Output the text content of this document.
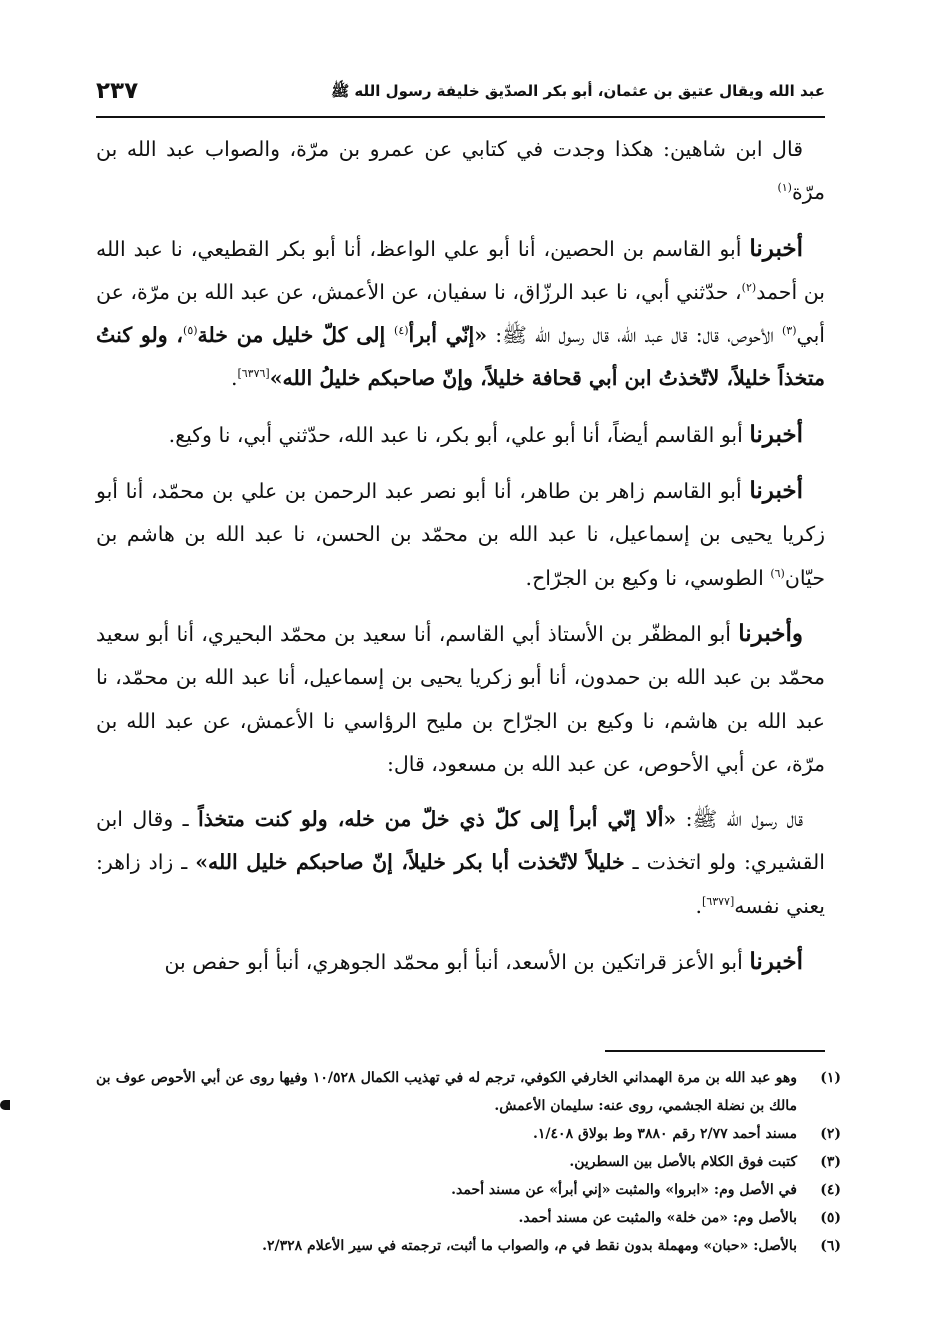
عبد الله ويقال عتيق بن عثمان، أبو بكر الصدّيق خليفة رسول الله ﷺ
٢٣٧

قال ابن شاهين: هكذا وجدت في كتابي عن عمرو بن مرّة، والصواب عبد الله بن مرّة$^{(١)}$

أخبرنا أبو القاسم بن الحصين، أنا أبو علي الواعظ، أنا أبو بكر القطيعي، نا عبد الله بن أحمد$^{(٢)}$، حدّثني أبي، نا عبد الرزّاق، نا سفيان، عن الأعمش، عن عبد الله بن مرّة، عن أبي$^{(٣)}$ الأحوص، قال: قال عبد الله، قال رسول الله ﷺ: «إنّي أبرأ$^{(٤)}$ إلى كلّ خليل من خلة$^{(٥)}$، ولو كنتُ متخذاً خليلاً، لاتّخذتُ ابن أبي قحافة خليلاً، وإنّ صاحبكم خليلُ الله»[٦٣٧٦].

أخبرنا أبو القاسم أيضاً، أنا أبو علي، أبو بكر، نا عبد الله، حدّثني أبي، نا وكيع.

أخبرنا أبو القاسم زاهر بن طاهر، أنا أبو نصر عبد الرحمن بن علي بن محمّد، أنا أبو زكريا يحيى بن إسماعيل، نا عبد الله بن محمّد بن الحسن، نا عبد الله بن هاشم بن حيّان$^{(٦)}$ الطوسي، نا وكيع بن الجرّاح.

وأخبرنا أبو المظفّر بن الأستاذ أبي القاسم، أنا سعيد بن محمّد البحيري، أنا أبو سعيد محمّد بن عبد الله بن حمدون، أنا أبو زكريا يحيى بن إسماعيل، أنا عبد الله بن محمّد، نا عبد الله بن هاشم، نا وكيع بن الجرّاح بن مليح الرؤاسي نا الأعمش، عن عبد الله بن مرّة، عن أبي الأحوص، عن عبد الله بن مسعود، قال:

قال رسول الله ﷺ: «ألا إنّي أبرأ إلى كلّ ذي خلّ من خله، ولو كنت متخذاً ـ وقال ابن القشيري: ولو اتخذت ـ خليلاً لاتّخذت أبا بكر خليلاً، إنّ صاحبكم خليل الله» ـ زاد زاهر: يعني نفسه[٦٣٧٧].

أخبرنا أبو الأعز قراتكين بن الأسعد، أنبأ أبو محمّد الجوهري، أنبأ أبو حفص بن

(١)
وهو عبد الله بن مرة الهمداني الخارفي الكوفي، ترجم له في تهذيب الكمال ١٠/٥٢٨ وفيها روى عن أبي الأحوص عوف بن مالك بن نضلة الجشمي، روى عنه: سليمان الأعمش.
(٢)
مسند أحمد ٢/٧٧ رقم ٣٨٨٠ وط بولاق ١/٤٠٨.
(٣)
كتبت فوق الكلام بالأصل بين السطرين.
(٤)
في الأصل وم: «ابروا» والمثبت «إني أبرأ» عن مسند أحمد.
(٥)
بالأصل وم: «من خلة» والمثبت عن مسند أحمد.
(٦)
بالأصل: «حبان» ومهملة بدون نقط في م، والصواب ما أثبت، ترجمته في سير الأعلام ٢/٣٢٨.
